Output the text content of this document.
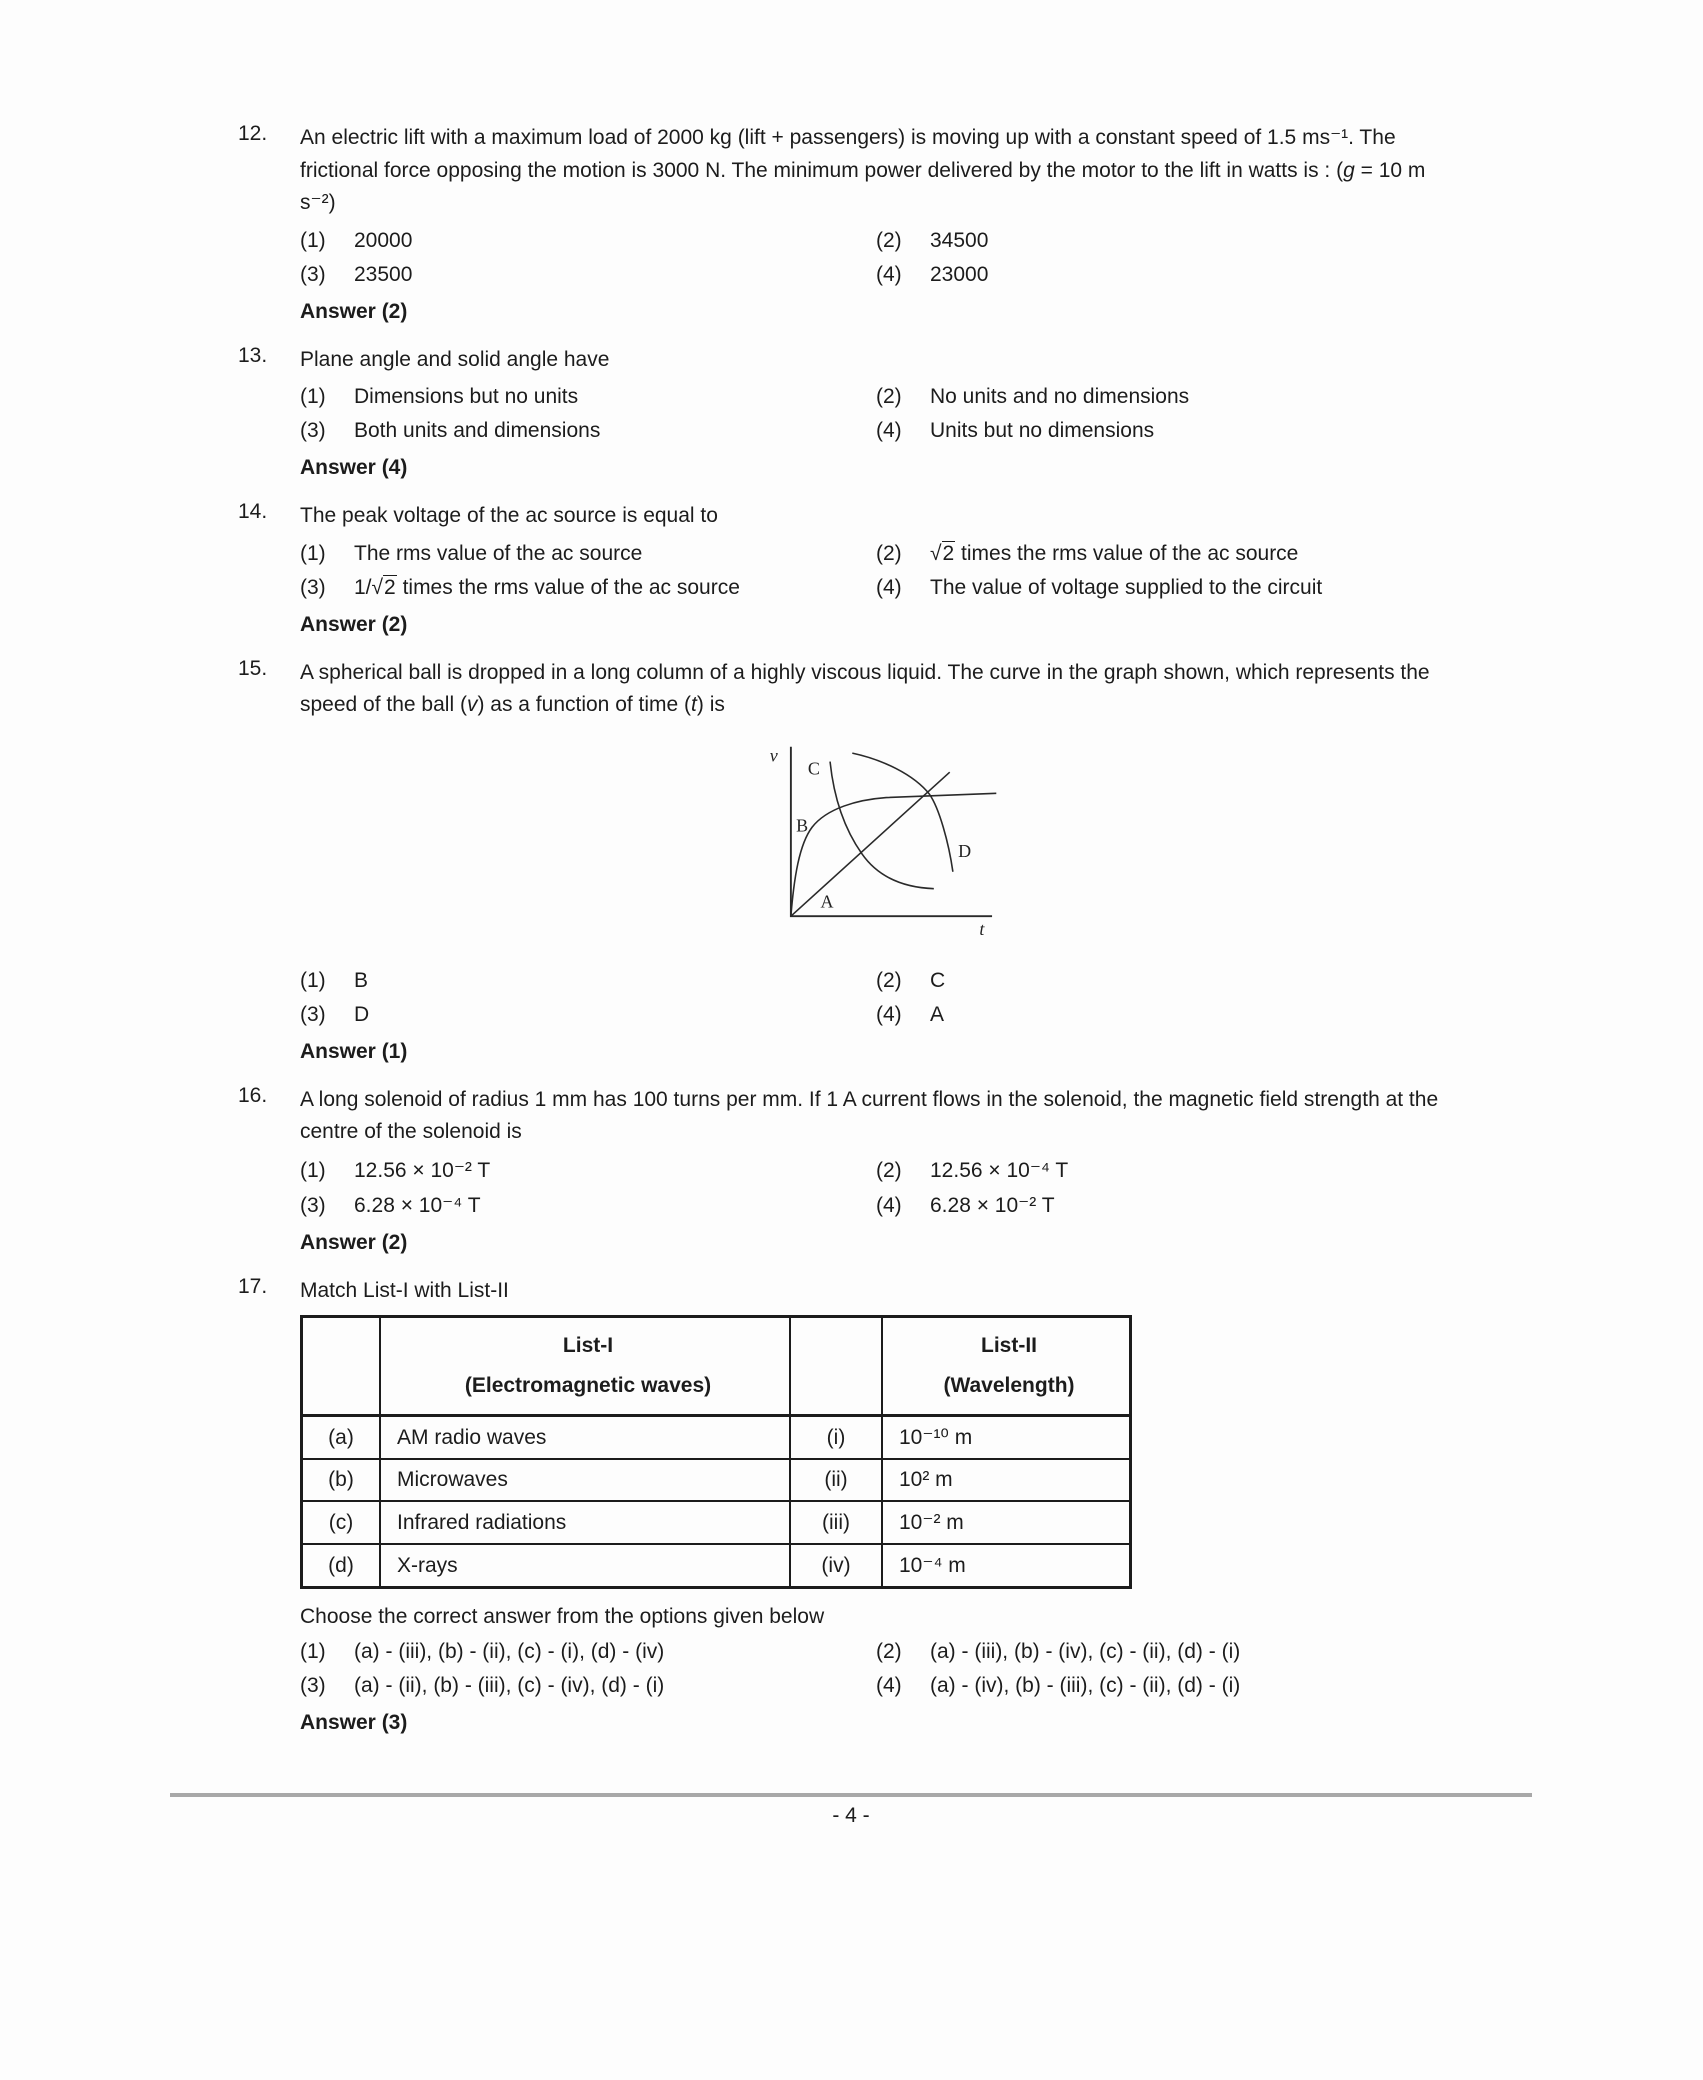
12.	An electric lift with a maximum load of 2000 kg (lift + passengers) is moving up with a constant speed of 1.5 ms⁻¹. The frictional force opposing the motion is 3000 N. The minimum power delivered by the motor to the lift in watts is : (g = 10 m s⁻²)

(1)	20000	(2)	34500
(3)	23500	(4)	23000

Answer (2)

13.	Plane angle and solid angle have

(1)	Dimensions but no units	(2)	No units and no dimensions
(3)	Both units and dimensions	(4)	Units but no dimensions

Answer (4)

14.	The peak voltage of the ac source is equal to

(1)	The rms value of the ac source	(2)	√2 times the rms value of the ac source
(3)	1/√2 times the rms value of the ac source	(4)	The value of voltage supplied to the circuit

Answer (2)

15.	A spherical ball is dropped in a long column of a highly viscous liquid. The curve in the graph shown, which represents the speed of the ball (v) as a function of time (t) is

v
t
C
B
A
D
(1)	B	(2)	C
(3)	D	(4)	A

Answer (1)

16.	A long solenoid of radius 1 mm has 100 turns per mm. If 1 A current flows in the solenoid, the magnetic field strength at the centre of the solenoid is

(1)	12.56 × 10⁻² T	(2)	12.56 × 10⁻⁴ T
(3)	6.28 × 10⁻⁴ T	(4)	6.28 × 10⁻² T

Answer (2)

17.	Match List-I with List-II

List-I
(Electromagnetic waves)

List-II
(Wavelength)

(a)	AM radio waves	(i)	10⁻¹⁰ m
(b)	Microwaves	(ii)	10² m
(c)	Infrared radiations	(iii)	10⁻² m
(d)	X-rays	(iv)	10⁻⁴ m

Choose the correct answer from the options given below

(1)	(a) - (iii), (b) - (ii), (c) - (i), (d) - (iv)	(2)	(a) - (iii), (b) - (iv), (c) - (ii), (d) - (i)
(3)	(a) - (ii), (b) - (iii), (c) - (iv), (d) - (i)	(4)	(a) - (iv), (b) - (iii), (c) - (ii), (d) - (i)

Answer (3)

- 4 -
